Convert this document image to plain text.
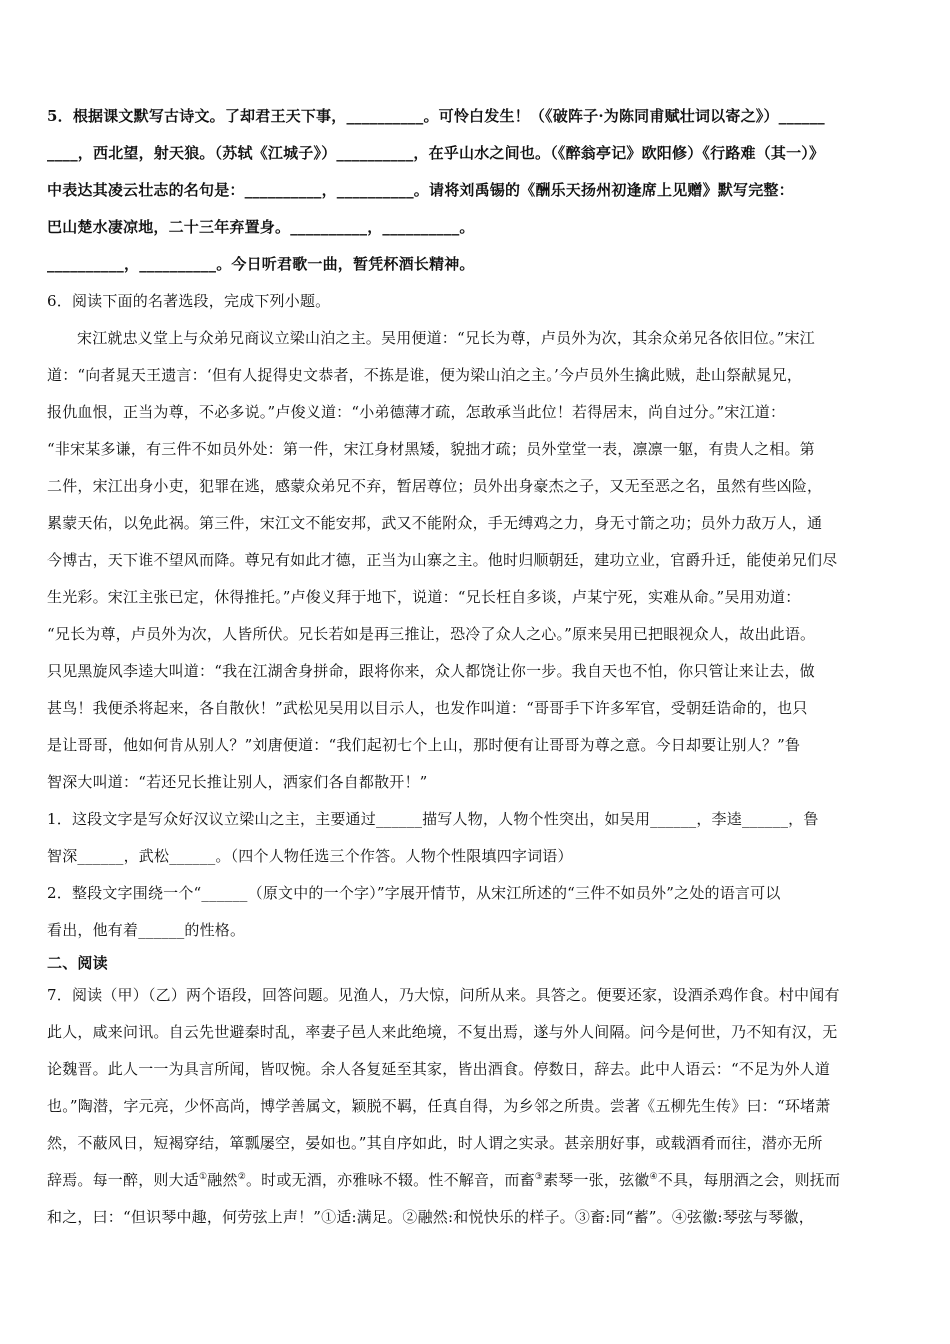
5．根据课文默写古诗文。了却君王天下事，__________。可怜白发生！（《破阵子·为陈同甫赋壮词以寄之》）______
____，西北望，射天狼。（苏轼《江城子》）__________，在乎山水之间也。（《醉翁亭记》欧阳修）《行路难（其一）》
中表达其凌云壮志的名句是：__________，__________。请将刘禹锡的《酬乐天扬州初逢席上见赠》默写完整：
巴山楚水凄凉地，二十三年弃置身。__________，__________。
__________，__________。今日听君歌一曲，暂凭杯酒长精神。
6．阅读下面的名著选段，完成下列小题。
宋江就忠义堂上与众弟兄商议立梁山泊之主。吴用便道：“兄长为尊，卢员外为次，其余众弟兄各依旧位。”宋江
道：“向者晁天王遗言：‘但有人捉得史文恭者，不拣是谁，便为梁山泊之主。’今卢员外生擒此贼，赴山祭献晁兄，
报仇血恨，正当为尊，不必多说。”卢俊义道：“小弟德薄才疏，怎敢承当此位！若得居末，尚自过分。”宋江道：
“非宋某多谦，有三件不如员外处：第一件，宋江身材黑矮，貌拙才疏；员外堂堂一表，凛凛一躯，有贵人之相。第
二件，宋江出身小吏，犯罪在逃，感蒙众弟兄不弃，暂居尊位；员外出身豪杰之子，又无至恶之名，虽然有些凶险，
累蒙天佑，以免此祸。第三件，宋江文不能安邦，武又不能附众，手无缚鸡之力，身无寸箭之功；员外力敌万人，通
今博古，天下谁不望风而降。尊兄有如此才德，正当为山寨之主。他时归顺朝廷，建功立业，官爵升迁，能使弟兄们尽
生光彩。宋江主张已定，休得推托。”卢俊义拜于地下，说道：“兄长枉自多谈，卢某宁死，实难从命。”吴用劝道：
“兄长为尊，卢员外为次，人皆所伏。兄长若如是再三推让，恐冷了众人之心。”原来吴用已把眼视众人，故出此语。
只见黑旋风李逵大叫道：“我在江湖舍身拼命，跟将你来，众人都饶让你一步。我自天也不怕，你只管让来让去，做
甚鸟！我便杀将起来，各自散伙！”武松见吴用以目示人，也发作叫道：“哥哥手下许多军官，受朝廷诰命的，也只
是让哥哥，他如何肯从别人？”刘唐便道：“我们起初七个上山，那时便有让哥哥为尊之意。今日却要让别人？”鲁
智深大叫道：“若还兄长推让别人，洒家们各自都散开！”
1．这段文字是写众好汉议立梁山之主，主要通过______描写人物，人物个性突出，如吴用______，李逵______，鲁
智深______，武松______。（四个人物任选三个作答。人物个性限填四字词语）
2．整段文字围绕一个“______（原文中的一个字）”字展开情节，从宋江所述的“三件不如员外”之处的语言可以
看出，他有着______的性格。
二、阅读
7．阅读（甲）（乙）两个语段，回答问题。见渔人，乃大惊，问所从来。具答之。便要还家，设酒杀鸡作食。村中闻有
此人，咸来问讯。自云先世避秦时乱，率妻子邑人来此绝境，不复出焉，遂与外人间隔。问今是何世，乃不知有汉，无
论魏晋。此人一一为具言所闻，皆叹惋。余人各复延至其家，皆出酒食。停数日，辞去。此中人语云：“不足为外人道
也。”陶潜，字元亮，少怀高尚，博学善属文，颖脱不羁，任真自得，为乡邻之所贵。尝著《五柳先生传》曰：“环堵萧
然，不蔽风日，短褐穿结，箪瓢屡空，晏如也。”其自序如此，时人谓之实录。甚亲朋好事，或载酒肴而往，潜亦无所
辞焉。每一醉，则大适①融然②。时或无酒，亦雅咏不辍。性不解音，而畜③素琴一张，弦徽④不具，每朋酒之会，则抚而
和之，曰：“但识琴中趣，何劳弦上声！”①适:满足。②融然:和悦快乐的样子。③畜:同“蓄”。④弦徽:琴弦与琴徽，
